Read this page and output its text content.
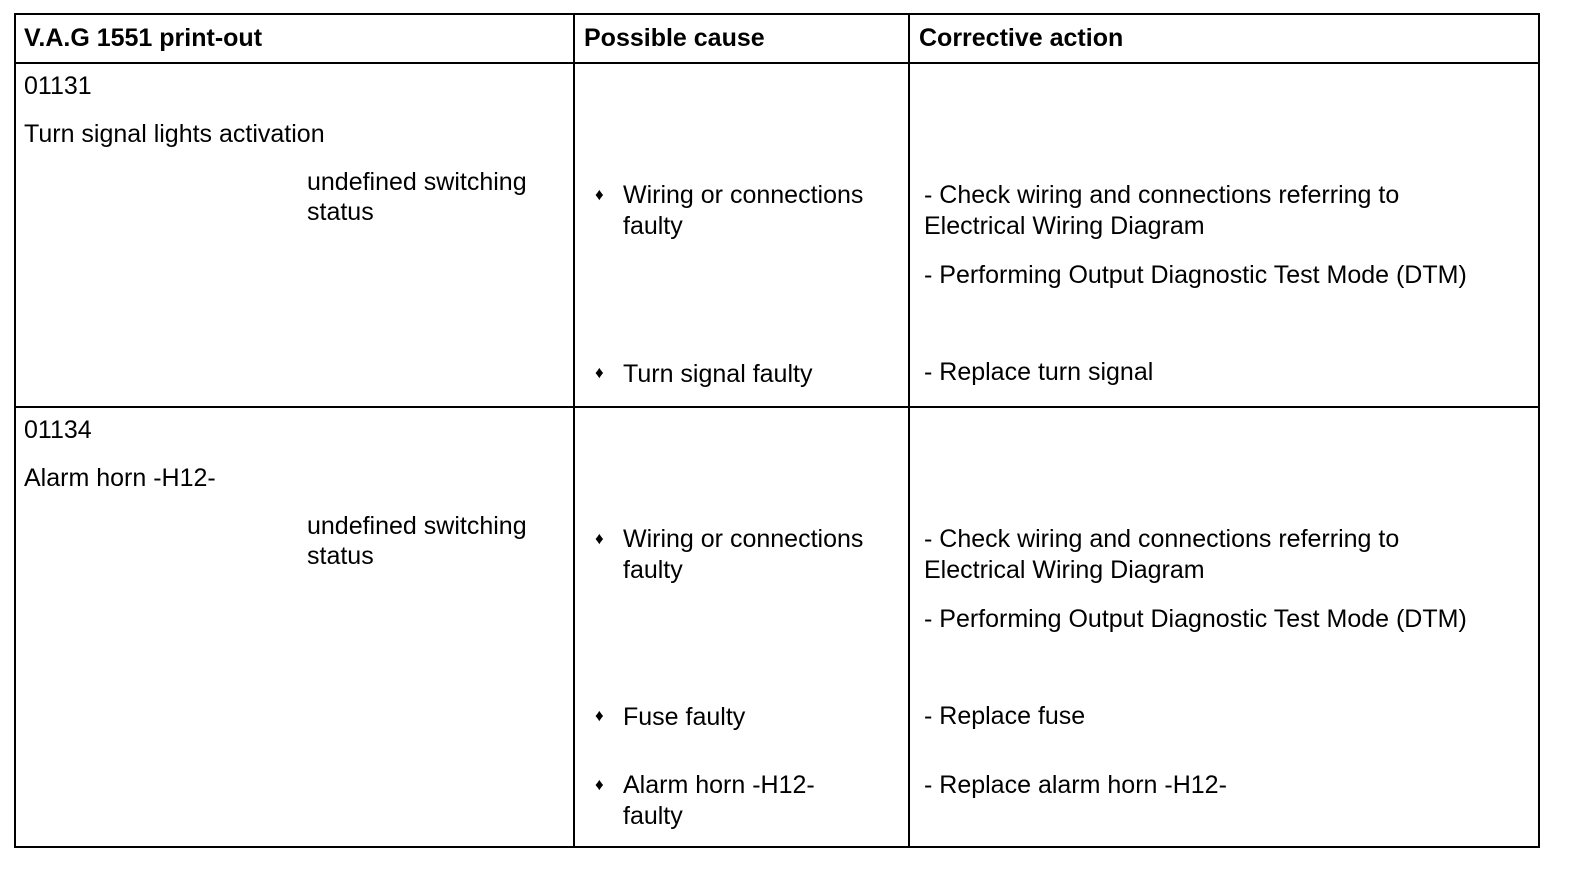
V.A.G 1551 print-out	Possible cause	Corrective action
01131
Turn signal lights activation
undefined switching
status
♦ Wiring or connections
faulty
♦ Turn signal faulty
- Check wiring and connections referring to
Electrical Wiring Diagram
- Performing Output Diagnostic Test Mode (DTM)
- Replace turn signal
01134
Alarm horn -H12-
undefined switching
status
♦ Wiring or connections
faulty
♦ Fuse faulty
♦ Alarm horn -H12-
faulty
- Check wiring and connections referring to
Electrical Wiring Diagram
- Performing Output Diagnostic Test Mode (DTM)
- Replace fuse
- Replace alarm horn -H12-
